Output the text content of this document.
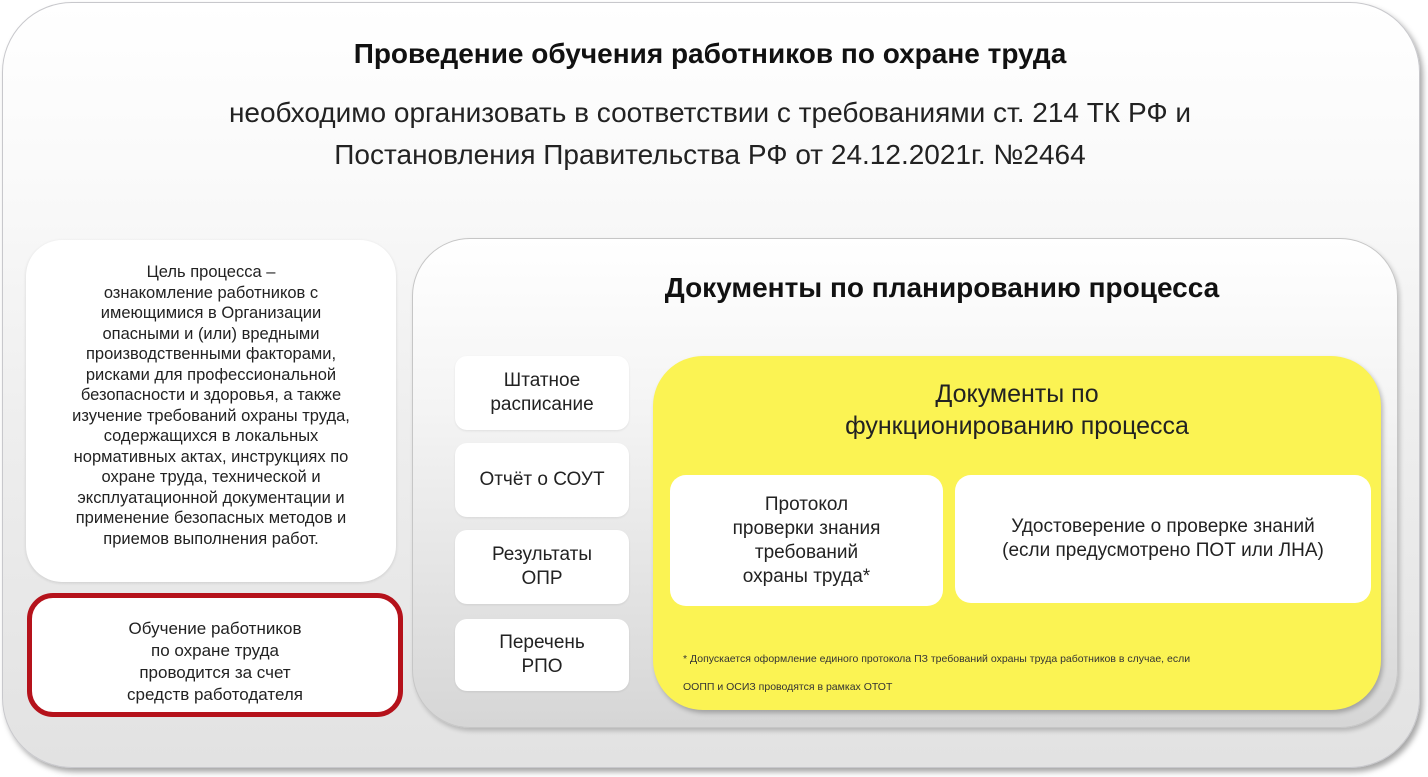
Проведение обучения работников по охране труда
необходимо организовать в соответствии с требованиями ст. 214 ТК РФ и
Постановления Правительства РФ от 24.12.2021г. №2464
Цель процесса –
ознакомление работников с
имеющимися в Организации
опасными и (или) вредными
производственными факторами,
рисками для профессиональной
безопасности и здоровья, а также
изучение требований охраны труда,
содержащихся в локальных
нормативных актах, инструкциях по
охране труда, технической и
эксплуатационной документации и
применение безопасных методов и
приемов выполнения работ.
Обучение работников
по охране труда
проводится за счет
средств работодателя
Документы по планированию процесса
Штатное
расписание
Отчёт о СОУТ
Результаты
ОПР
Перечень
РПО
Документы по
функционированию процесса
Протокол
проверки знания
требований
охраны труда*
Удостоверение о проверке знаний
(если предусмотрено ПОТ или ЛНА)
* Допускается оформление единого протокола ПЗ требований охраны труда работников в случае, если
ООПП и ОСИЗ проводятся в рамках ОТОТ
